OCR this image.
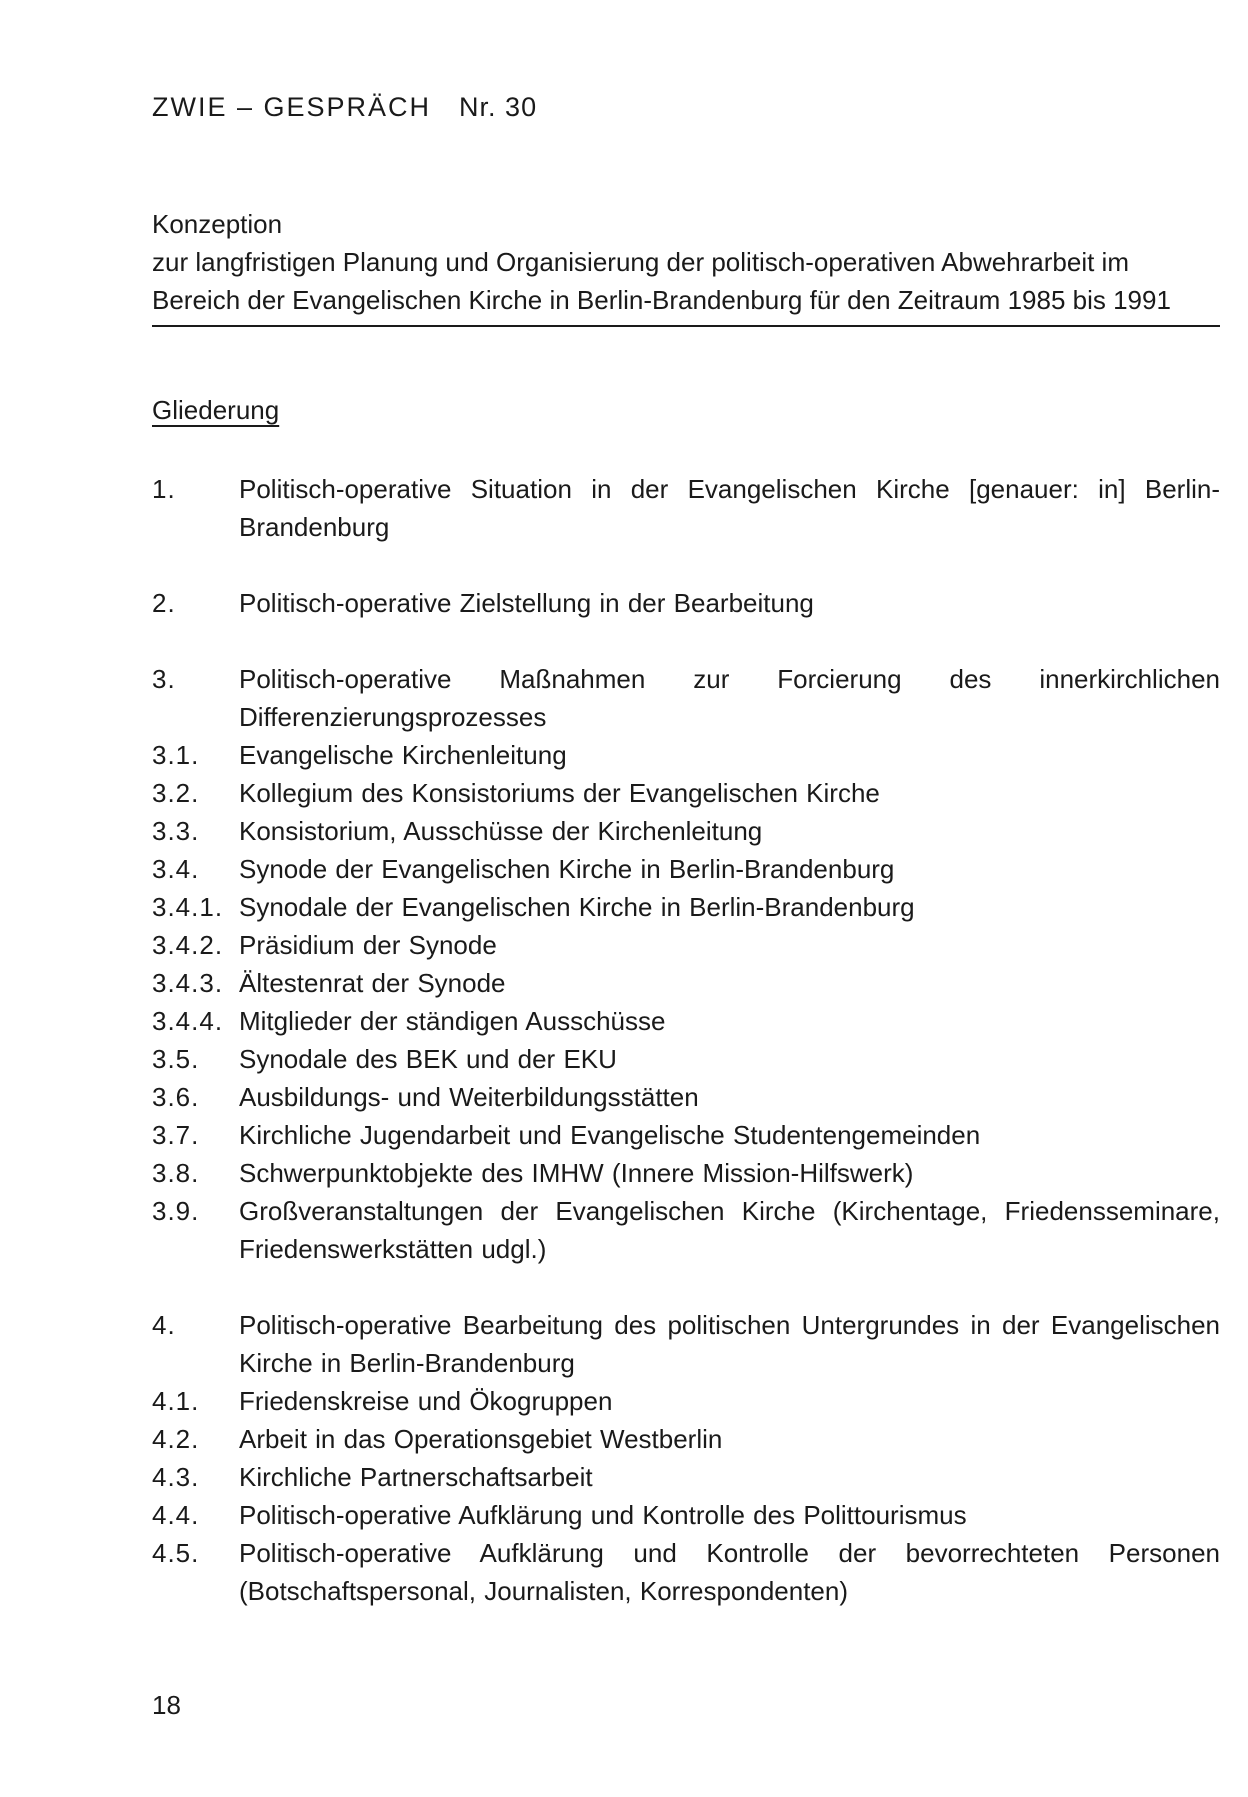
ZWIE – GESPRÄCH Nr. 30
Konzeption
zur langfristigen Planung und Organisierung der politisch-operativen Abwehrarbeit im
Bereich der Evangelischen Kirche in Berlin-Brandenburg für den Zeitraum 1985 bis 1991
Gliederung
1.	Politisch-operative Situation in der Evangelischen Kirche [genauer: in] Berlin-Brandenburg
2.	Politisch-operative Zielstellung in der Bearbeitung
3.	Politisch-operative Maßnahmen zur Forcierung des innerkirchlichen Differenzierungsprozesses
3.1.	Evangelische Kirchenleitung
3.2.	Kollegium des Konsistoriums der Evangelischen Kirche
3.3.	Konsistorium, Ausschüsse der Kirchenleitung
3.4.	Synode der Evangelischen Kirche in Berlin-Brandenburg
3.4.1. Synodale der Evangelischen Kirche in Berlin-Brandenburg
3.4.2. Präsidium der Synode
3.4.3. Ältestenrat der Synode
3.4.4. Mitglieder der ständigen Ausschüsse
3.5.	Synodale des BEK und der EKU
3.6.	Ausbildungs- und Weiterbildungsstätten
3.7.	Kirchliche Jugendarbeit und Evangelische Studentengemeinden
3.8.	Schwerpunktobjekte des IMHW (Innere Mission-Hilfswerk)
3.9.	Großveranstaltungen der Evangelischen Kirche (Kirchentage, Friedensseminare, Friedenswerkstätten udgl.)
4.	Politisch-operative Bearbeitung des politischen Untergrundes in der Evangelischen Kirche in Berlin-Brandenburg
4.1.	Friedenskreise und Ökogruppen
4.2.	Arbeit in das Operationsgebiet Westberlin
4.3.	Kirchliche Partnerschaftsarbeit
4.4.	Politisch-operative Aufklärung und Kontrolle des Polittourismus
4.5.	Politisch-operative Aufklärung und Kontrolle der bevorrechteten Personen (Botschaftspersonal, Journalisten, Korrespondenten)
18
